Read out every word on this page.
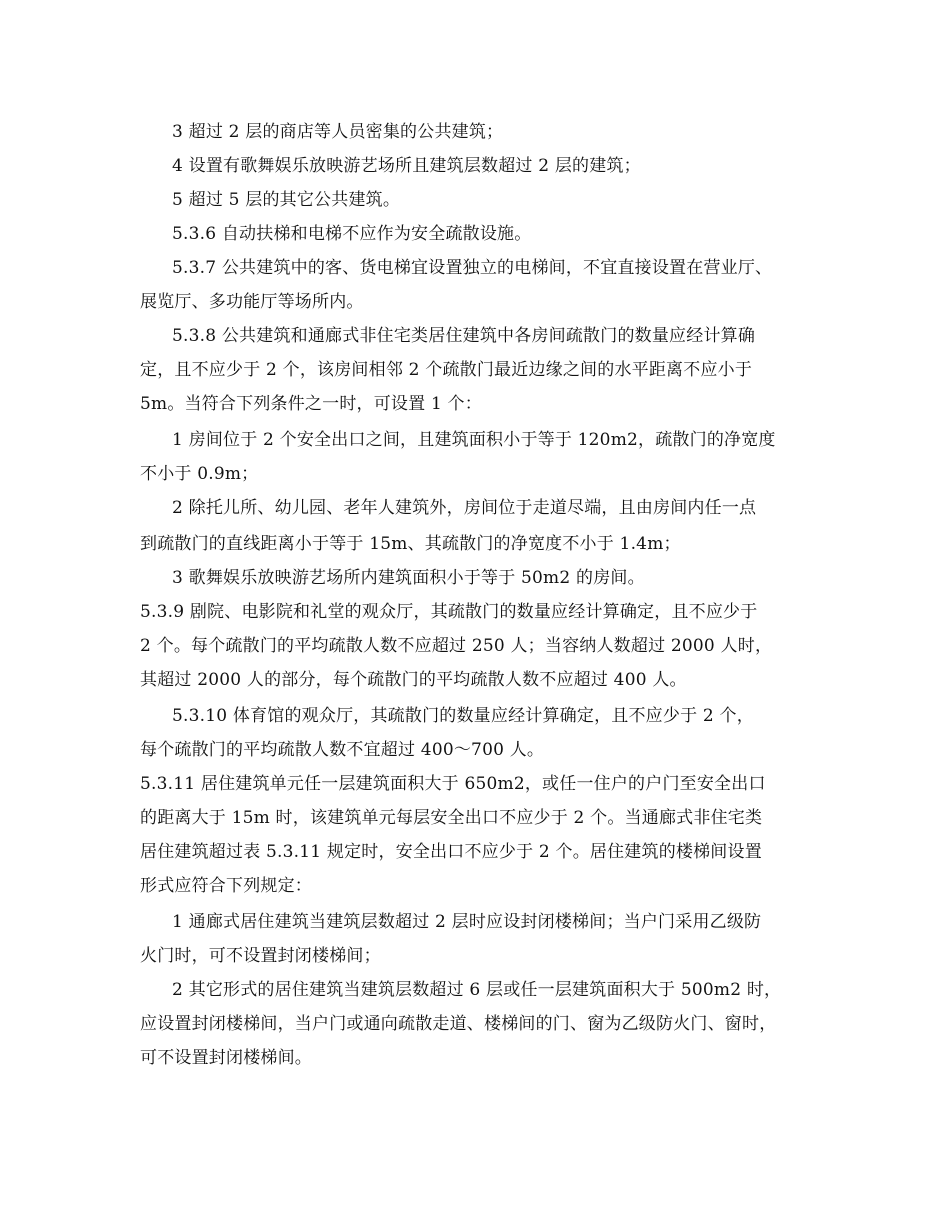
3 超过 2 层的商店等人员密集的公共建筑；
4 设置有歌舞娱乐放映游艺场所且建筑层数超过 2 层的建筑；
5 超过 5 层的其它公共建筑。
5.3.6 自动扶梯和电梯不应作为安全疏散设施。
5.3.7 公共建筑中的客、货电梯宜设置独立的电梯间，不宜直接设置在营业厅、
展览厅、多功能厅等场所内。
5.3.8 公共建筑和通廊式非住宅类居住建筑中各房间疏散门的数量应经计算确
定，且不应少于 2 个，该房间相邻 2 个疏散门最近边缘之间的水平距离不应小于
5m。当符合下列条件之一时，可设置 1 个：
1 房间位于 2 个安全出口之间，且建筑面积小于等于 120m2，疏散门的净宽度
不小于 0.9m；
2 除托儿所、幼儿园、老年人建筑外，房间位于走道尽端，且由房间内任一点
到疏散门的直线距离小于等于 15m、其疏散门的净宽度不小于 1.4m；
3 歌舞娱乐放映游艺场所内建筑面积小于等于 50m2 的房间。
5.3.9 剧院、电影院和礼堂的观众厅，其疏散门的数量应经计算确定，且不应少于
2 个。每个疏散门的平均疏散人数不应超过 250 人；当容纳人数超过 2000 人时，
其超过 2000 人的部分，每个疏散门的平均疏散人数不应超过 400 人。
5.3.10 体育馆的观众厅，其疏散门的数量应经计算确定，且不应少于 2 个，
每个疏散门的平均疏散人数不宜超过 400～700 人。
5.3.11 居住建筑单元任一层建筑面积大于 650m2，或任一住户的户门至安全出口
的距离大于 15m 时，该建筑单元每层安全出口不应少于 2 个。当通廊式非住宅类
居住建筑超过表 5.3.11 规定时，安全出口不应少于 2 个。居住建筑的楼梯间设置
形式应符合下列规定：
1 通廊式居住建筑当建筑层数超过 2 层时应设封闭楼梯间；当户门采用乙级防
火门时，可不设置封闭楼梯间；
2 其它形式的居住建筑当建筑层数超过 6 层或任一层建筑面积大于 500m2 时，
应设置封闭楼梯间，当户门或通向疏散走道、楼梯间的门、窗为乙级防火门、窗时，
可不设置封闭楼梯间。
